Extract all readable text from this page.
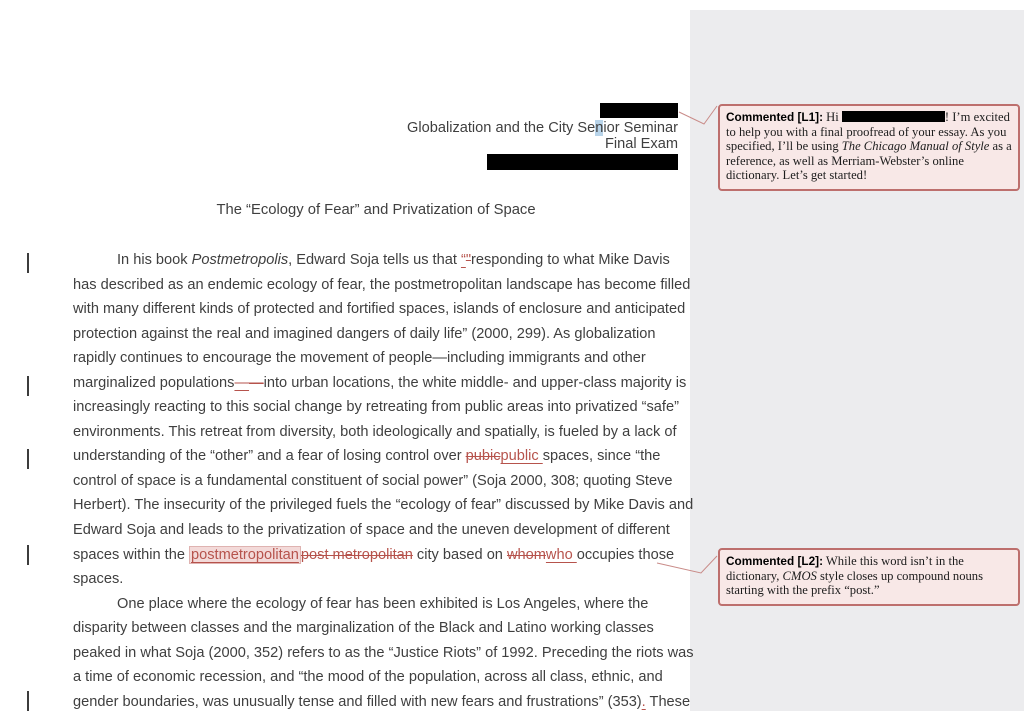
Globalization and the City Senior Seminar
Final Exam
The “Ecology of Fear” and Privatization of Space
In his book Postmetropolis, Edward Soja tells us that “"responding to what Mike Davis
has described as an endemic ecology of fear, the postmetropolitan landscape has become filled
with many different kinds of protected and fortified spaces, islands of enclosure and anticipated
protection against the real and imagined dangers of daily life” (2000, 299). As globalization
rapidly continues to encourage the movement of people—including immigrants and other
marginalized populations——into urban locations, the white middle- and upper-class majority is
increasingly reacting to this social change by retreating from public areas into privatized “safe”
environments. This retreat from diversity, both ideologically and spatially, is fueled by a lack of
understanding of the “other” and a fear of losing control over pubicpublic spaces, since “the
control of space is a fundamental constituent of social power” (Soja 2000, 308; quoting Steve
Herbert). The insecurity of the privileged fuels the “ecology of fear” discussed by Mike Davis and
Edward Soja and leads to the privatization of space and the uneven development of different
spaces within the postmetropolitan post metropolitan city based on whomwho occupies those
spaces.
One place where the ecology of fear has been exhibited is Los Angeles, where the
disparity between classes and the marginalization of the Black and Latino working classes
peaked in what Soja (2000, 352) refers to as the “Justice Riots” of 1992. Preceding the riots was
a time of economic recession, and “the mood of the population, across all class, ethnic, and
gender boundaries, was unusually tense and filled with new fears and frustrations” (353). These
Commented [L1]: Hi	! I’m excited to help you with a final proofread of your essay. As you specified, I’ll be using The Chicago Manual of Style as a reference, as well as Merriam-Webster’s online dictionary. Let’s get started!
Commented [L2]: While this word isn’t in the dictionary, CMOS style closes up compound nouns starting with the prefix “post.”
